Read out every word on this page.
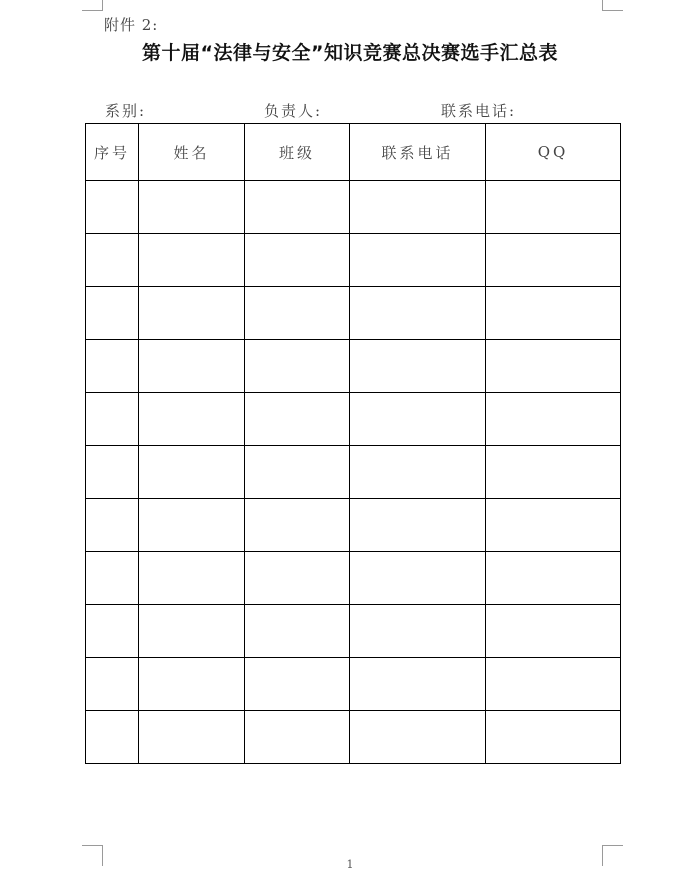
附件 2:
第十届“法律与安全”知识竞赛总决赛选手汇总表
系别:	负责人:	联系电话:
序号	姓名	班级	联系电话	QQ

1
